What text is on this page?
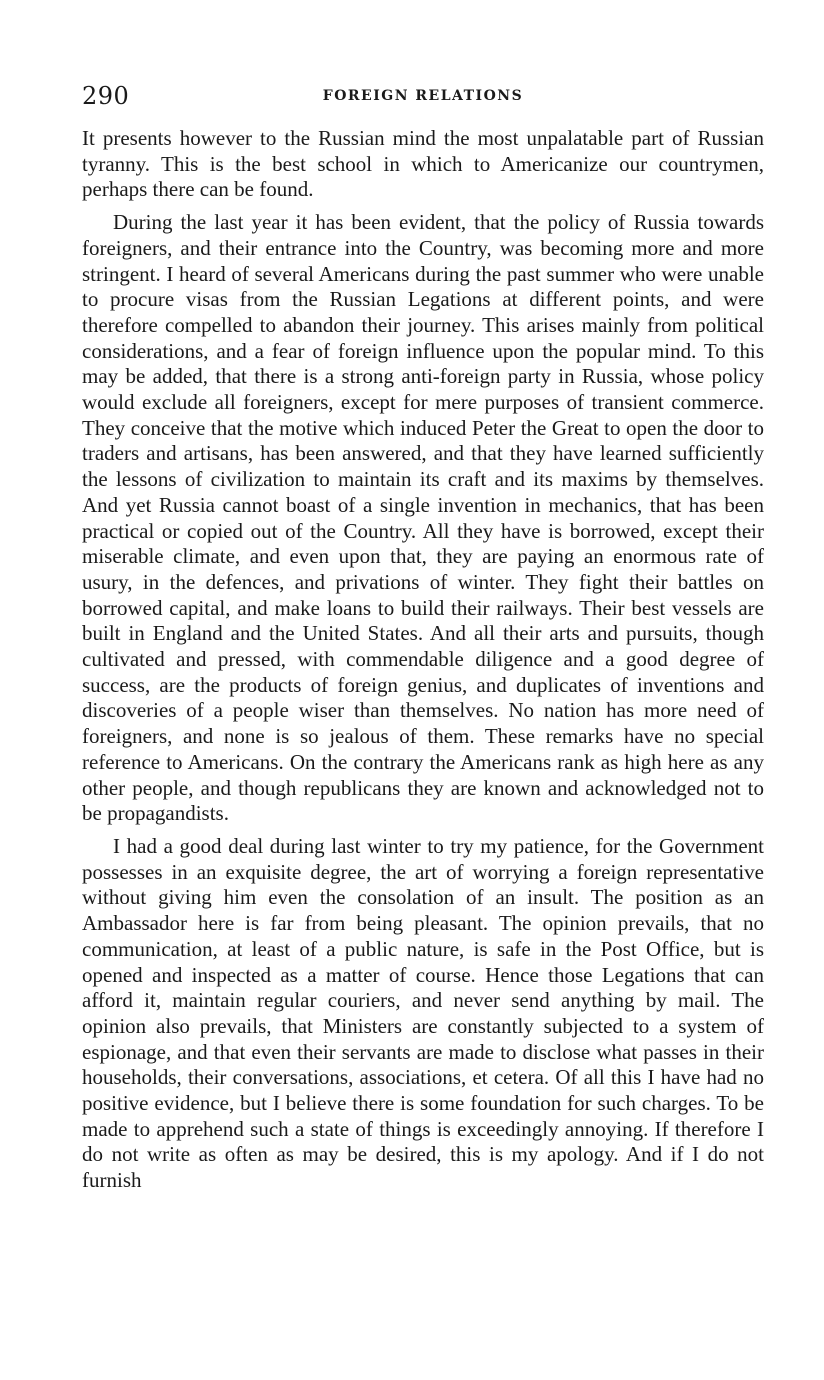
290	FOREIGN RELATIONS

It presents however to the Russian mind the most unpalatable part of Russian tyranny. This is the best school in which to Americanize our countrymen, perhaps there can be found.

During the last year it has been evident, that the policy of Russia towards foreigners, and their entrance into the Country, was becoming more and more stringent. I heard of several Americans during the past summer who were unable to procure visas from the Russian Legations at different points, and were therefore compelled to abandon their journey. This arises mainly from political considerations, and a fear of foreign influence upon the popular mind. To this may be added, that there is a strong anti-foreign party in Russia, whose policy would exclude all foreigners, except for mere purposes of transient commerce. They conceive that the motive which induced Peter the Great to open the door to traders and artisans, has been answered, and that they have learned sufficiently the lessons of civilization to maintain its craft and its maxims by themselves. And yet Russia cannot boast of a single invention in mechanics, that has been practical or copied out of the Country. All they have is borrowed, except their miserable climate, and even upon that, they are paying an enormous rate of usury, in the defences, and privations of winter. They fight their battles on borrowed capital, and make loans to build their railways. Their best vessels are built in England and the United States. And all their arts and pursuits, though cultivated and pressed, with commendable diligence and a good degree of success, are the products of foreign genius, and duplicates of inventions and discoveries of a people wiser than themselves. No nation has more need of foreigners, and none is so jealous of them. These remarks have no special reference to Americans. On the contrary the Americans rank as high here as any other people, and though republicans they are known and acknowledged not to be propagandists.

I had a good deal during last winter to try my patience, for the Government possesses in an exquisite degree, the art of worrying a foreign representative without giving him even the consolation of an insult. The position as an Ambassador here is far from being pleasant. The opinion prevails, that no communication, at least of a public nature, is safe in the Post Office, but is opened and inspected as a matter of course. Hence those Legations that can afford it, maintain regular couriers, and never send anything by mail. The opinion also prevails, that Ministers are constantly subjected to a system of espionage, and that even their servants are made to disclose what passes in their households, their conversations, associations, et cetera. Of all this I have had no positive evidence, but I believe there is some foundation for such charges. To be made to apprehend such a state of things is exceedingly annoying. If therefore I do not write as often as may be desired, this is my apology. And if I do not furnish
